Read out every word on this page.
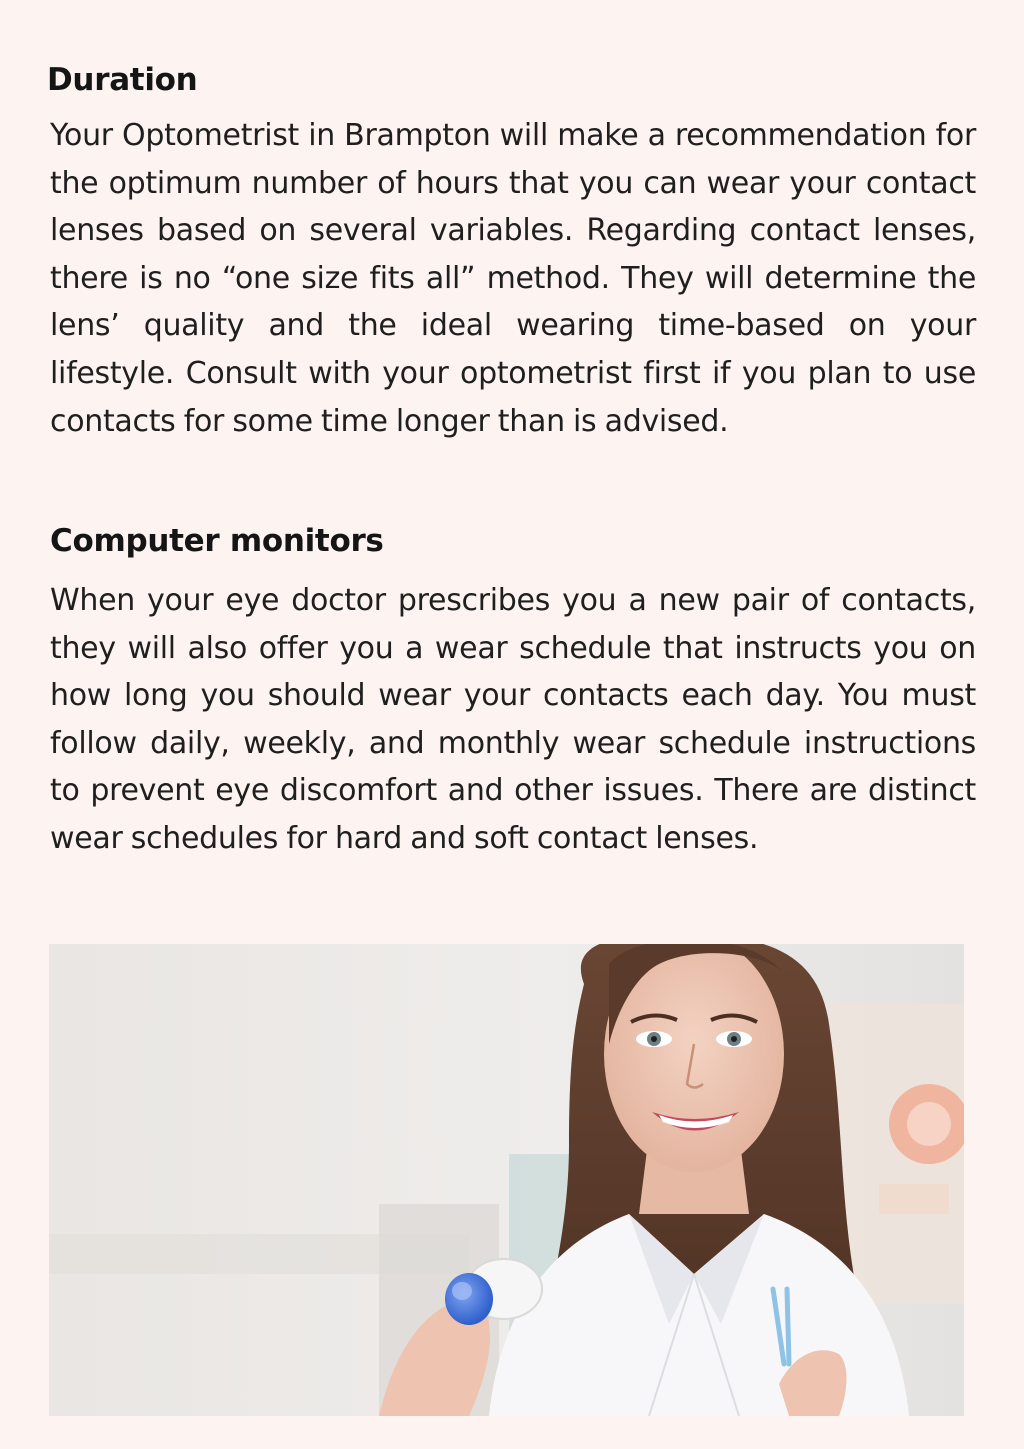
Duration

Your Optometrist in Brampton will make a recommendation for the optimum number of hours that you can wear your contact lenses based on several variables. Regarding contact lenses, there is no “one size fits all” method. They will determine the lens’ quality and the ideal wearing time-based on your lifestyle. Consult with your optometrist first if you plan to use contacts for some time longer than is advised.

Computer monitors

When your eye doctor prescribes you a new pair of contacts, they will also offer you a wear schedule that instructs you on how long you should wear your contacts each day. You must follow daily, weekly, and monthly wear schedule instructions to prevent eye discomfort and other issues. There are distinct wear schedules for hard and soft contact lenses.
